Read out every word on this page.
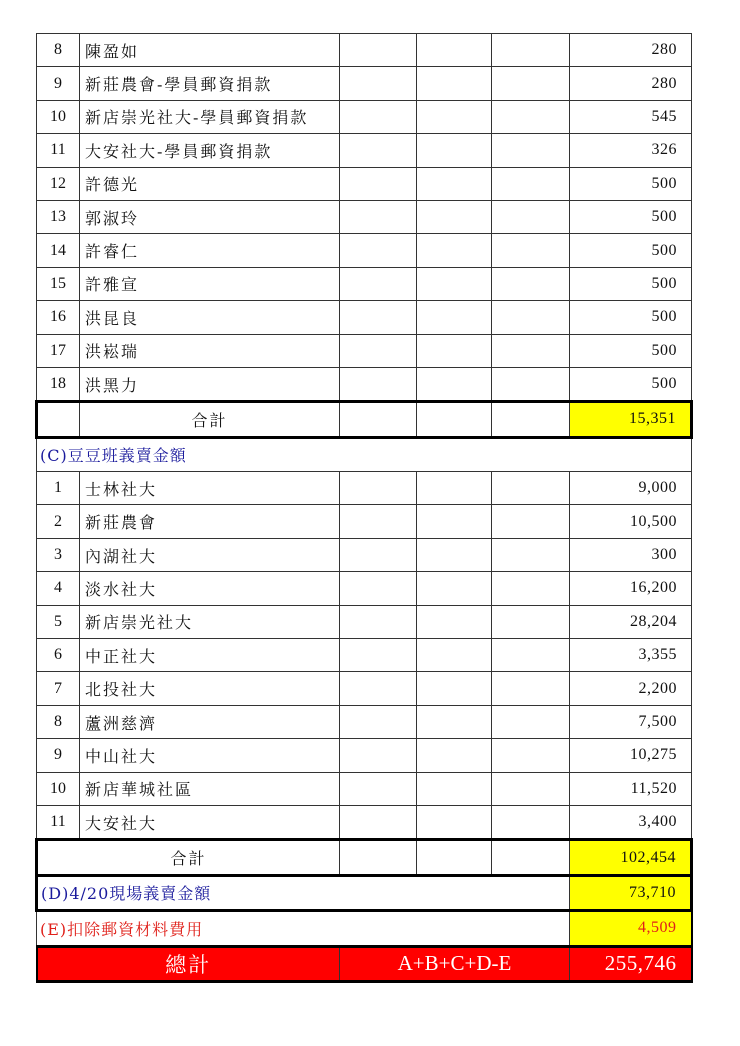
8	陳盈如				280
9	新莊農會-學員郵資捐款				280
10	新店崇光社大-學員郵資捐款				545
11	大安社大-學員郵資捐款				326
12	許德光				500
13	郭淑玲				500
14	許睿仁				500
15	許雅宣				500
16	洪昆良				500
17	洪崧瑞				500
18	洪黑力				500
	合計				15,351
(C)豆豆班義賣金額					
1	士林社大				9,000
2	新莊農會				10,500
3	內湖社大				300
4	淡水社大				16,200
5	新店崇光社大				28,204
6	中正社大				3,355
7	北投社大				2,200
8	蘆洲慈濟				7,500
9	中山社大				10,275
10	新店華城社區				11,520
11	大安社大				3,400
合計					102,454
(D)4/20現場義賣金額					73,710
(E)扣除郵資材料費用					4,509
總計		A+B+C+D-E			255,746
